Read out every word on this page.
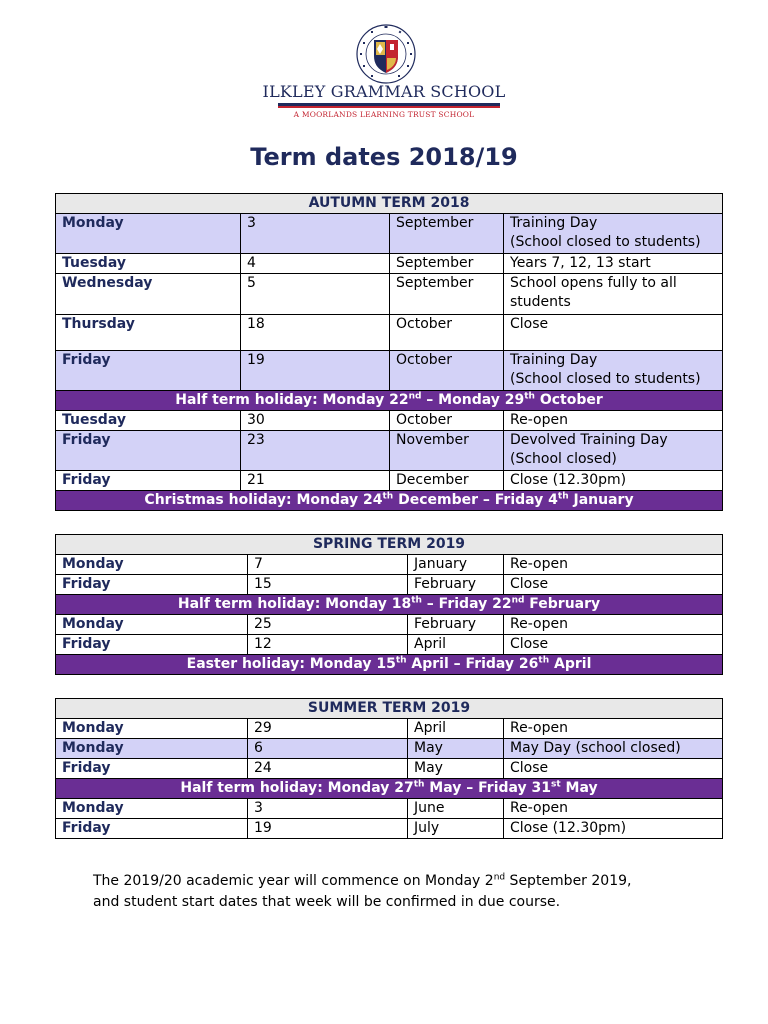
ILKLEY GRAMMAR SCHOOL
A MOORLANDS LEARNING TRUST SCHOOL
Term dates 2018/19
AUTUMN TERM 2018			
Monday	3	September	Training Day
(School closed to students)

Tuesday	4	September	Years 7, 12, 13 start
Wednesday	5	September	School opens fully to all
students

Thursday	18	October	Close
Friday	19	October	Training Day
(School closed to students)

Half term holiday: Monday 22nd – Monday 29th October			
Tuesday	30	October	Re-open
Friday	23	November	Devolved Training Day
(School closed)

Friday	21	December	Close (12.30pm)
Christmas holiday: Monday 24th December – Friday 4th January			
SPRING TERM 2019			
Monday	7	January	Re-open
Friday	15	February	Close
Half term holiday: Monday 18th – Friday 22nd February			
Monday	25	February	Re-open
Friday	12	April	Close
Easter holiday: Monday 15th April – Friday 26th April			
SUMMER TERM 2019			
Monday	29	April	Re-open
Monday	6	May	May Day (school closed)
Friday	24	May	Close
Half term holiday: Monday 27th May – Friday 31st May			
Monday	3	June	Re-open
Friday	19	July	Close (12.30pm)
The 2019/20 academic year will commence on Monday 2nd September 2019,
and student start dates that week will be confirmed in due course.
